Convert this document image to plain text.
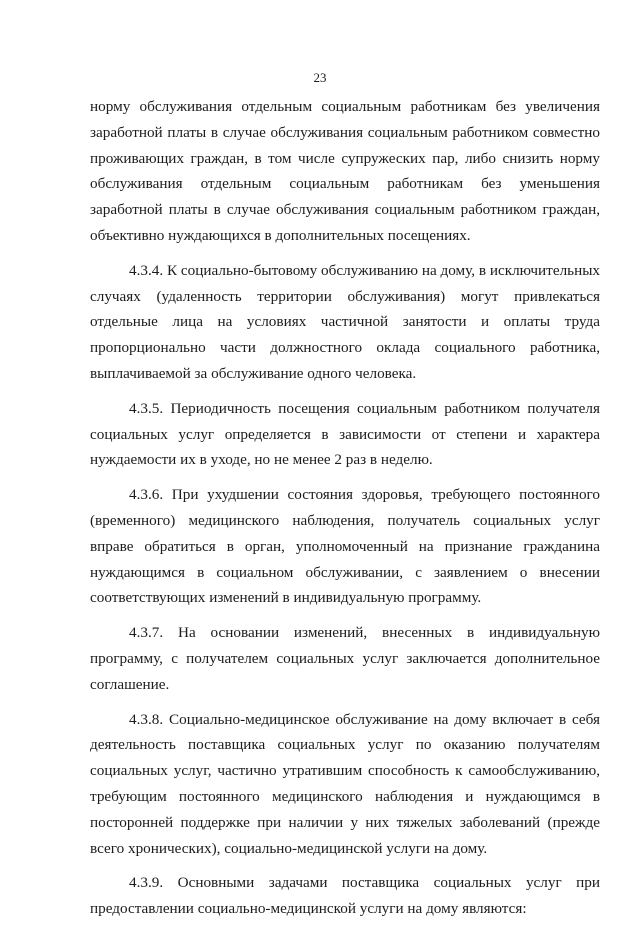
23

норму обслуживания отдельным социальным работникам без увеличения заработной платы в случае обслуживания социальным работником совместно проживающих граждан, в том числе супружеских пар, либо снизить норму обслуживания отдельным социальным работникам без уменьшения заработной платы в случае обслуживания социальным работником граждан, объективно нуждающихся в дополнительных посещениях.

4.3.4. К социально-бытовому обслуживанию на дому, в исключительных случаях (удаленность территории обслуживания) могут привлекаться отдельные лица на условиях частичной занятости и оплаты труда пропорционально части должностного оклада социального работника, выплачиваемой за обслуживание одного человека.

4.3.5. Периодичность посещения социальным работником получателя социальных услуг определяется в зависимости от степени и характера нуждаемости их в уходе, но не менее 2 раз в неделю.

4.3.6. При ухудшении состояния здоровья, требующего постоянного (временного) медицинского наблюдения, получатель социальных услуг вправе обратиться в орган, уполномоченный на признание гражданина нуждающимся в социальном обслуживании, с заявлением о внесении соответствующих изменений в индивидуальную программу.

4.3.7. На основании изменений, внесенных в индивидуальную программу, с получателем социальных услуг заключается дополнительное соглашение.

4.3.8. Социально-медицинское обслуживание на дому включает в себя деятельность поставщика социальных услуг по оказанию получателям социальных услуг, частично утратившим способность к самообслуживанию, требующим постоянного медицинского наблюдения и нуждающимся в посторонней поддержке при наличии у них тяжелых заболеваний (прежде всего хронических), социально-медицинской услуги на дому.

4.3.9. Основными задачами поставщика социальных услуг при предоставлении социально-медицинской услуги на дому являются:
